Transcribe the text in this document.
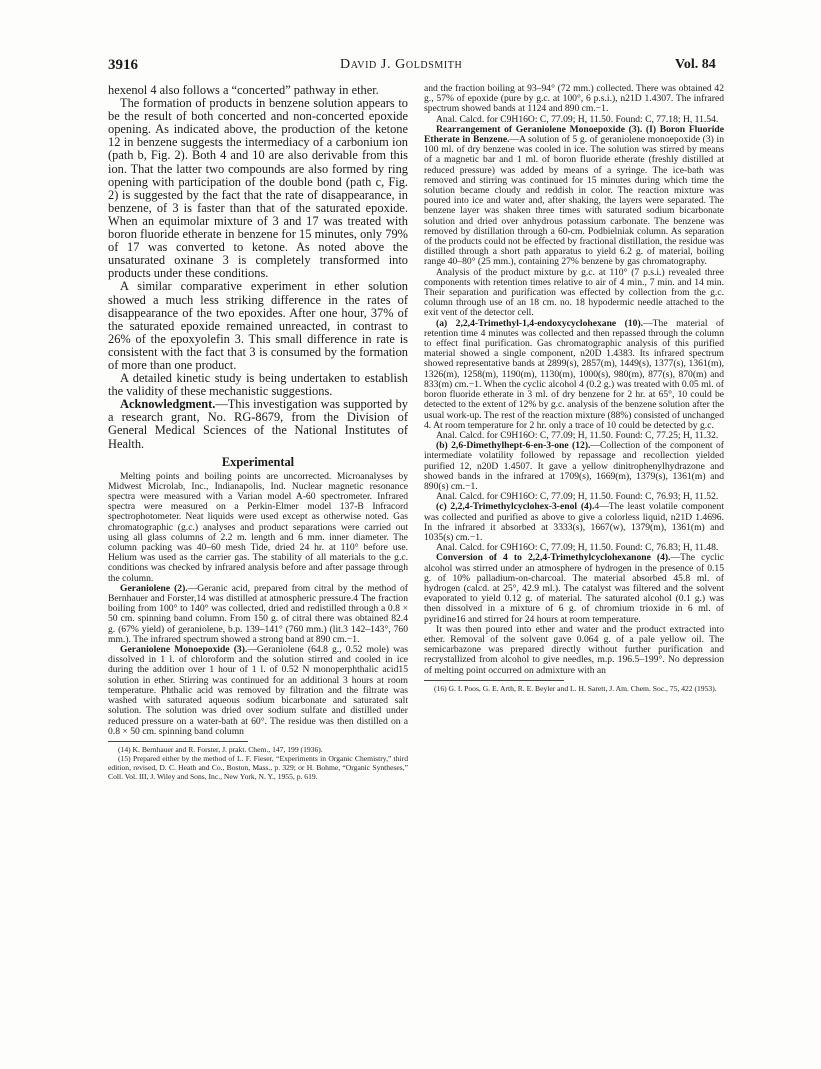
3916	David J. Goldsmith	Vol. 84

hexenol 4 also follows a “concerted” pathway in ether.

The formation of products in benzene solution appears to be the result of both concerted and non-concerted epoxide opening. As indicated above, the production of the ketone 12 in benzene suggests the intermediacy of a carbonium ion (path b, Fig. 2). Both 4 and 10 are also derivable from this ion. That the latter two compounds are also formed by ring opening with participation of the double bond (path c, Fig. 2) is suggested by the fact that the rate of disappearance, in benzene, of 3 is faster than that of the saturated epoxide. When an equimolar mixture of 3 and 17 was treated with boron fluoride etherate in benzene for 15 minutes, only 79% of 17 was converted to ketone. As noted above the unsaturated oxinane 3 is completely transformed into products under these conditions.

A similar comparative experiment in ether solution showed a much less striking difference in the rates of disappearance of the two epoxides. After one hour, 37% of the saturated epoxide remained unreacted, in contrast to 26% of the epoxyolefin 3. This small difference in rate is consistent with the fact that 3 is consumed by the formation of more than one product.

A detailed kinetic study is being undertaken to establish the validity of these mechanistic suggestions.

Acknowledgment.—This investigation was supported by a research grant, No. RG-8679, from the Division of General Medical Sciences of the National Institutes of Health.

Experimental

Melting points and boiling points are uncorrected. Microanalyses by Midwest Microlab, Inc., Indianapolis, Ind. Nuclear magnetic resonance spectra were measured with a Varian model A-60 spectrometer. Infrared spectra were measured on a Perkin-Elmer model 137-B Infracord spectrophotometer. Neat liquids were used except as otherwise noted. Gas chromatographic (g.c.) analyses and product separations were carried out using all glass columns of 2.2 m. length and 6 mm. inner diameter. The column packing was 40–60 mesh Tide, dried 24 hr. at 110° before use. Helium was used as the carrier gas. The stability of all materials to the g.c. conditions was checked by infrared analysis before and after passage through the column.

Geraniolene (2).—Geranic acid, prepared from citral by the method of Bernhauer and Forster,14 was distilled at atmospheric pressure.4 The fraction boiling from 100° to 140° was collected, dried and redistilled through a 0.8 × 50 cm. spinning band column. From 150 g. of citral there was obtained 82.4 g. (67% yield) of geraniolene, b.p. 139–141° (760 mm.) (lit.3 142–143°, 760 mm.). The infrared spectrum showed a strong band at 890 cm.−1.

Geraniolene Monoepoxide (3).—Geraniolene (64.8 g., 0.52 mole) was dissolved in 1 l. of chloroform and the solution stirred and cooled in ice during the addition over 1 hour of 1 l. of 0.52 N monoperphthalic acid15 solution in ether. Stirring was continued for an additional 3 hours at room temperature. Phthalic acid was removed by filtration and the filtrate was washed with saturated aqueous sodium bicarbonate and saturated salt solution. The solution was dried over sodium sulfate and distilled under reduced pressure on a water-bath at 60°. The residue was then distilled on a 0.8 × 50 cm. spinning band column

(14) K. Bernhauer and R. Forster, J. prakt. Chem., 147, 199 (1936).

(15) Prepared either by the method of L. F. Fieser, “Experiments in Organic Chemistry,” third edition, revised, D. C. Heath and Co., Boston, Mass., p. 329; or H. Bohme, “Organic Syntheses,” Coll. Vol. III, J. Wiley and Sons, Inc., New York, N. Y., 1955, p. 619.

and the fraction boiling at 93–94° (72 mm.) collected. There was obtained 42 g., 57% of epoxide (pure by g.c. at 100°, 6 p.s.i.), n21D 1.4307. The infrared spectrum showed bands at 1124 and 890 cm.−1.

Anal. Calcd. for C9H16O: C, 77.09; H, 11.50. Found: C, 77.18; H, 11.54.

Rearrangement of Geraniolene Monoepoxide (3). (I) Boron Fluoride Etherate in Benzene.—A solution of 5 g. of geraniolene monoepoxide (3) in 100 ml. of dry benzene was cooled in ice. The solution was stirred by means of a magnetic bar and 1 ml. of boron fluoride etherate (freshly distilled at reduced pressure) was added by means of a syringe. The ice-bath was removed and stirring was continued for 15 minutes during which time the solution became cloudy and reddish in color. The reaction mixture was poured into ice and water and, after shaking, the layers were separated. The benzene layer was shaken three times with saturated sodium bicarbonate solution and dried over anhydrous potassium carbonate. The benzene was removed by distillation through a 60-cm. Podbielniak column. As separation of the products could not be effected by fractional distillation, the residue was distilled through a short path apparatus to yield 6.2 g. of material, boiling range 40–80° (25 mm.), containing 27% benzene by gas chromatography.

Analysis of the product mixture by g.c. at 110° (7 p.s.i.) revealed three components with retention times relative to air of 4 min., 7 min. and 14 min. Their separation and purification was effected by collection from the g.c. column through use of an 18 cm. no. 18 hypodermic needle attached to the exit vent of the detector cell.

(a) 2,2,4-Trimethyl-1,4-endoxycyclohexane (10).—The material of retention time 4 minutes was collected and then repassed through the column to effect final purification. Gas chromatographic analysis of this purified material showed a single component, n20D 1.4383. Its infrared spectrum showed representative bands at 2899(s), 2857(m), 1449(s), 1377(s), 1361(m), 1326(m), 1258(m), 1190(m), 1130(m), 1000(s), 980(m), 877(s), 870(m) and 833(m) cm.−1. When the cyclic alcohol 4 (0.2 g.) was treated with 0.05 ml. of boron fluoride etherate in 3 ml. of dry benzene for 2 hr. at 65°, 10 could be detected to the extent of 12% by g.c. analysis of the benzene solution after the usual work-up. The rest of the reaction mixture (88%) consisted of unchanged 4. At room temperature for 2 hr. only a trace of 10 could be detected by g.c.

Anal. Calcd. for C9H16O: C, 77.09; H, 11.50. Found: C, 77.25; H, 11.32.

(b) 2,6-Dimethylhept-6-en-3-one (12).—Collection of the component of intermediate volatility followed by repassage and recollection yielded purified 12, n20D 1.4507. It gave a yellow dinitrophenylhydrazone and showed bands in the infrared at 1709(s), 1669(m), 1379(s), 1361(m) and 890(s) cm.−1.

Anal. Calcd. for C9H16O: C, 77.09; H, 11.50. Found: C, 76.93; H, 11.52.

(c) 2,2,4-Trimethylcyclohex-3-enol (4).4—The least volatile component was collected and purified as above to give a colorless liquid, n21D 1.4696. In the infrared it absorbed at 3333(s), 1667(w), 1379(m), 1361(m) and 1035(s) cm.−1.

Anal. Calcd. for C9H16O: C, 77.09; H, 11.50. Found: C, 76.83; H, 11.48.

Conversion of 4 to 2,2,4-Trimethylcyclohexanone (4).—The cyclic alcohol was stirred under an atmosphere of hydrogen in the presence of 0.15 g. of 10% palladium-on-charcoal. The material absorbed 45.8 ml. of hydrogen (calcd. at 25°, 42.9 ml.). The catalyst was filtered and the solvent evaporated to yield 0.12 g. of material. The saturated alcohol (0.1 g.) was then dissolved in a mixture of 6 g. of chromium trioxide in 6 ml. of pyridine16 and stirred for 24 hours at room temperature.

It was then poured into ether and water and the product extracted into ether. Removal of the solvent gave 0.064 g. of a pale yellow oil. The semicarbazone was prepared directly without further purification and recrystallized from alcohol to give needles, m.p. 196.5–199°. No depression of melting point occurred on admixture with an

(16) G. I. Poos, G. E. Arth, R. E. Beyler and L. H. Sarett, J. Am. Chem. Soc., 75, 422 (1953).
